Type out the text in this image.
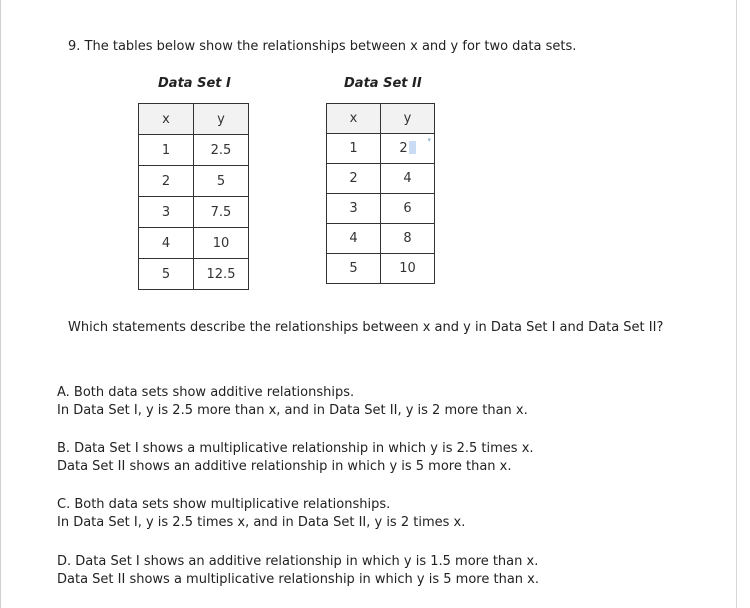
9. The tables below show the relationships between x and y for two data sets.

Data Set I	Data Set II

x	y
1	2.5
2	5
3	7.5
4	10
5	12.5
x	y
1	2
▾

2	4
3	6
4	8
5	10

Which statements describe the relationships between x and y in Data Set I and Data Set II?

A. Both data sets show additive relationships.
In Data Set I, y is 2.5 more than x, and in Data Set II, y is 2 more than x.
B. Data Set I shows a multiplicative relationship in which y is 2.5 times x.
Data Set II shows an additive relationship in which y is 5 more than x.
C. Both data sets show multiplicative relationships.
In Data Set I, y is 2.5 times x, and in Data Set II, y is 2 times x.
D. Data Set I shows an additive relationship in which y is 1.5 more than x.
Data Set II shows a multiplicative relationship in which y is 5 more than x.
